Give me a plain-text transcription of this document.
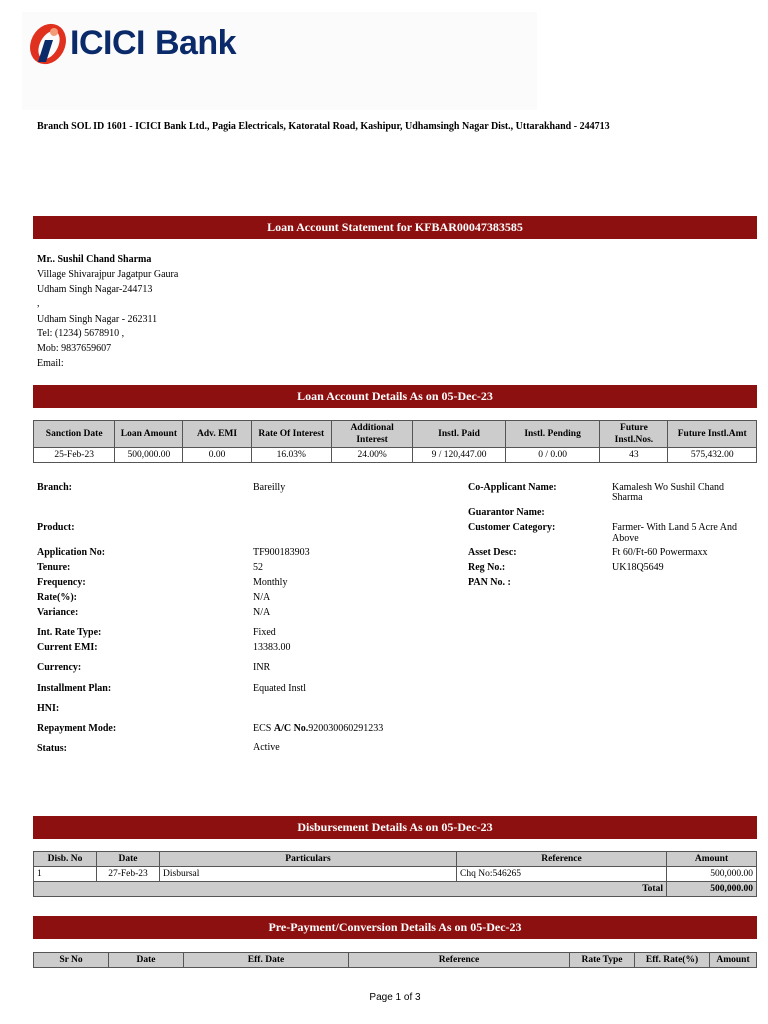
ICICI Bank
Branch SOL ID 1601 - ICICI Bank Ltd., Pagia Electricals, Katoratal Road, Kashipur, Udhamsingh Nagar Dist., Uttarakhand - 244713
Loan Account Statement for KFBAR00047383585
Mr.. Sushil Chand Sharma
Village Shivarajpur Jagatpur Gaura
Udham Singh Nagar-244713
,
Udham Singh Nagar - 262311
Tel: (1234) 5678910 ,
Mob: 9837659607
Email:
Loan Account Details As on 05-Dec-23
Sanction Date	Loan Amount	Adv. EMI	Rate Of Interest	Additional Interest	Instl. Paid	Instl. Pending	Future Instl.Nos.	Future Instl.Amt
25-Feb-23	500,000.00	0.00	16.03%	24.00%	9 / 120,447.00	0 / 0.00	43	575,432.00
Branch:	Bareilly
Product:
Application No:	TF900183903
Tenure:	52
Frequency:	Monthly
Rate(%):	N/A
Variance:	N/A
Int. Rate Type:	Fixed
Current EMI:	13383.00
Currency:	INR
Installment Plan:	Equated Instl
HNI:
Repayment Mode:	ECS A/C No.920030060291233
Status:	Active
Co-Applicant Name:	Kamalesh Wo Sushil Chand
Sharma
Guarantor Name:
Customer Category:	Farmer- With Land 5 Acre And
Above
Asset Desc:	Ft 60/Ft-60 Powermaxx
Reg No.:	UK18Q5649
PAN No. :
Disbursement Details As on 05-Dec-23
Disb. No	Date	Particulars	Reference	Amount
1	27-Feb-23	Disbursal	Chq No:546265	500,000.00
Total				500,000.00
Pre-Payment/Conversion Details As on 05-Dec-23
Sr No	Date	Eff. Date	Reference	Rate Type	Eff. Rate(%)	Amount
Page 1 of 3
